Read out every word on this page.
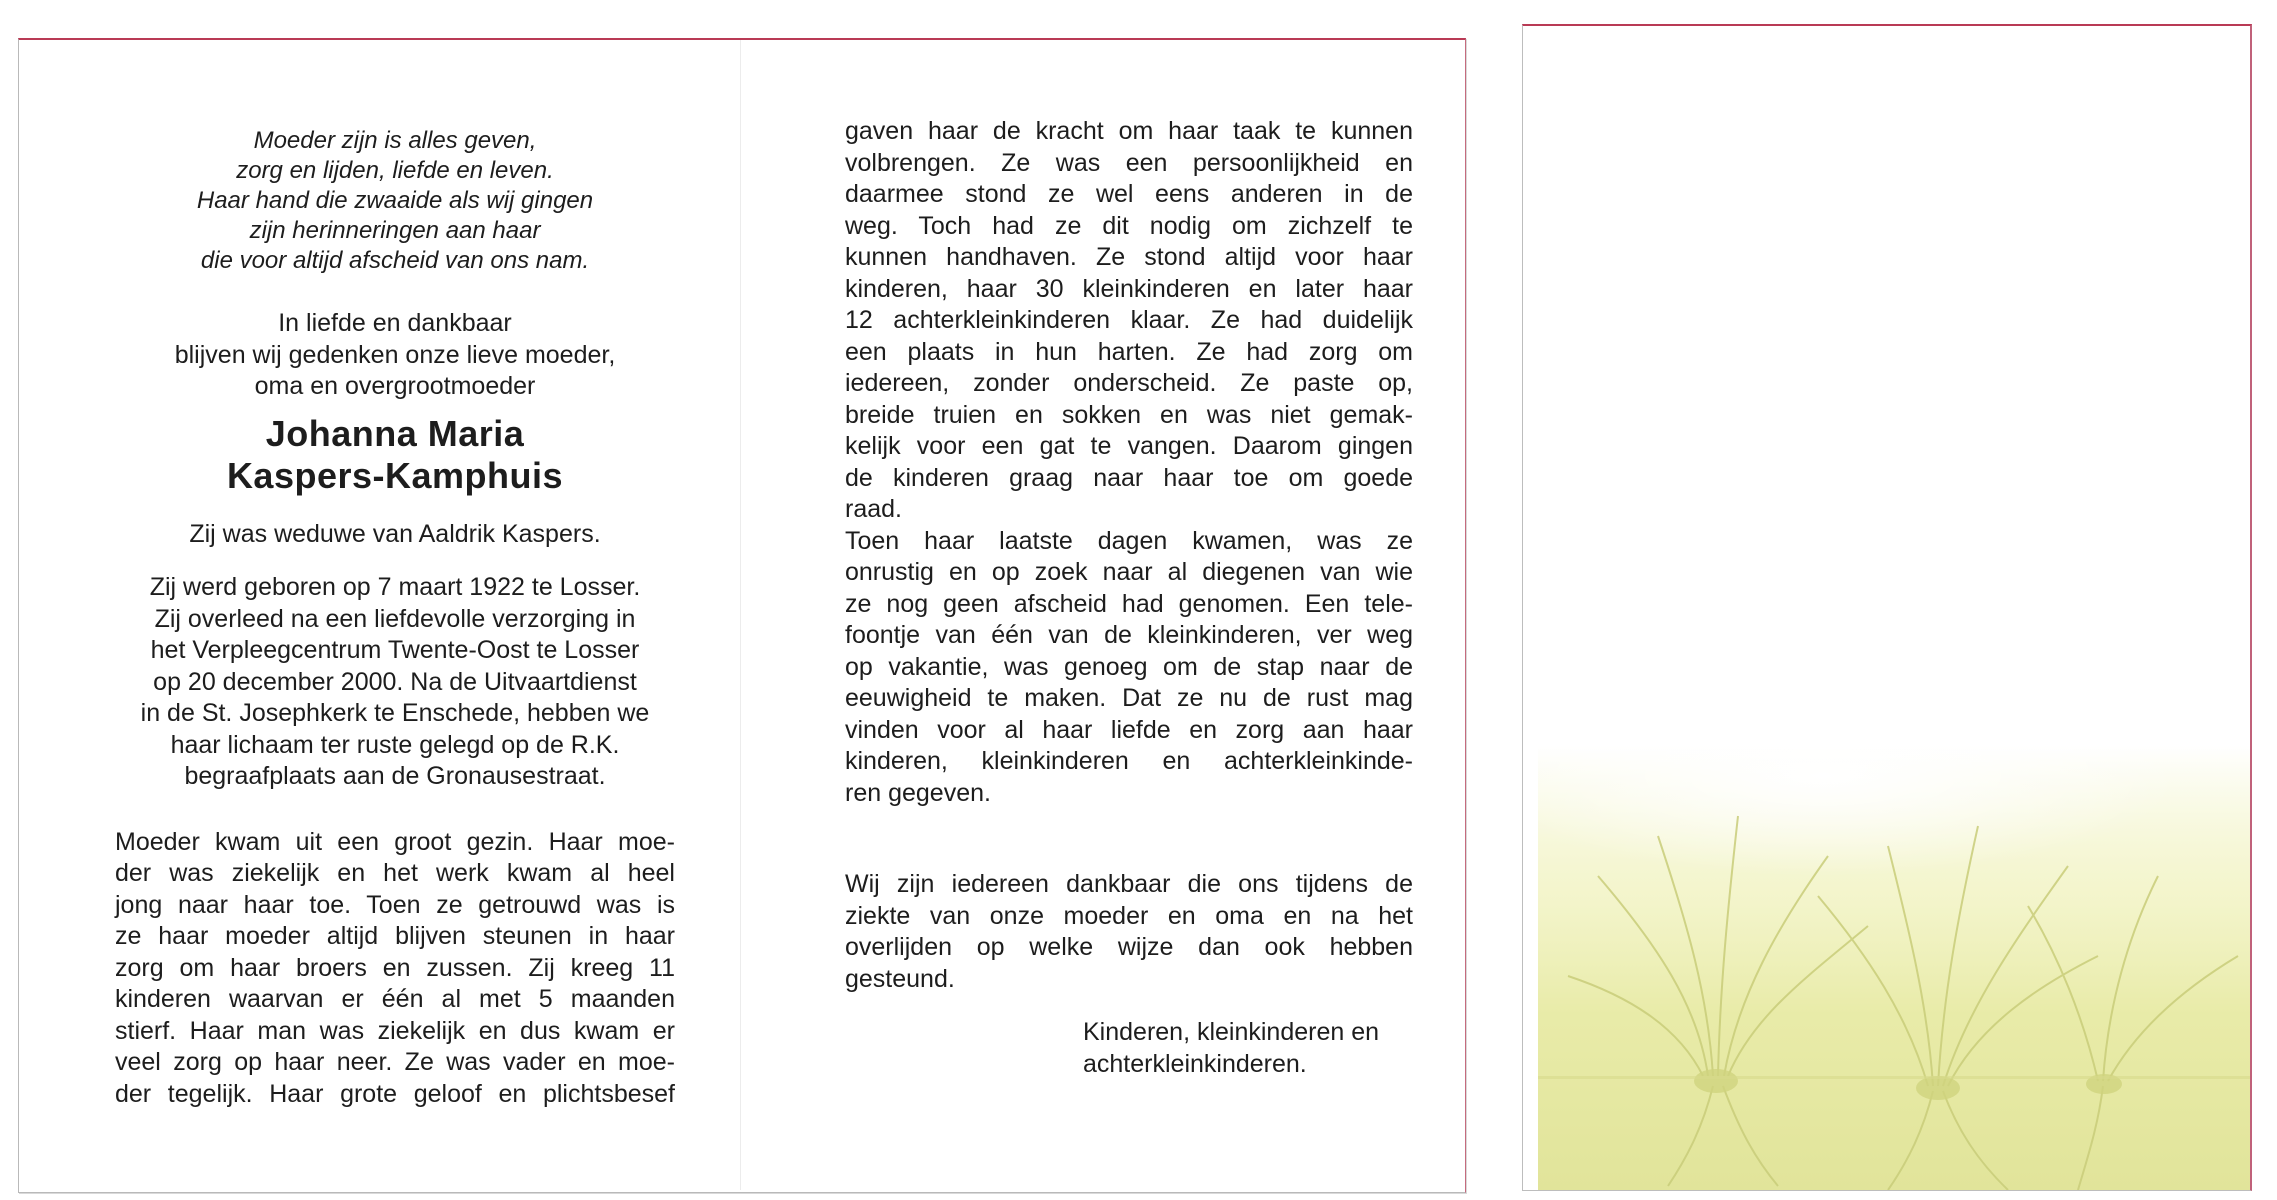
Moeder zijn is alles geven,
zorg en lijden, liefde en leven.
Haar hand die zwaaide als wij gingen
zijn herinneringen aan haar
die voor altijd afscheid van ons nam.
In liefde en dankbaar
blijven wij gedenken onze lieve moeder,
oma en overgrootmoeder
Johanna Maria
Kaspers-Kamphuis
Zij was weduwe van Aaldrik Kaspers.
Zij werd geboren op 7 maart 1922 te Losser.
Zij overleed na een liefdevolle verzorging in
het Verpleegcentrum Twente-Oost te Losser
op 20 december 2000. Na de Uitvaartdienst
in de St. Josephkerk te Enschede, hebben we
haar lichaam ter ruste gelegd op de R.K.
begraafplaats aan de Gronausestraat.
Moeder kwam uit een groot gezin. Haar moe-
der was ziekelijk en het werk kwam al heel
jong naar haar toe. Toen ze getrouwd was is
ze haar moeder altijd blijven steunen in haar
zorg om haar broers en zussen. Zij kreeg 11
kinderen waarvan er één al met 5 maanden
stierf. Haar man was ziekelijk en dus kwam er
veel zorg op haar neer. Ze was vader en moe-
der tegelijk. Haar grote geloof en plichtsbesef
gaven haar de kracht om haar taak te kunnen
volbrengen. Ze was een persoonlijkheid en
daarmee stond ze wel eens anderen in de
weg. Toch had ze dit nodig om zichzelf te
kunnen handhaven. Ze stond altijd voor haar
kinderen, haar 30 kleinkinderen en later haar
12 achterkleinkinderen klaar. Ze had duidelijk
een plaats in hun harten. Ze had zorg om
iedereen, zonder onderscheid. Ze paste op,
breide truien en sokken en was niet gemak-
kelijk voor een gat te vangen. Daarom gingen
de kinderen graag naar haar toe om goede
raad.
Toen haar laatste dagen kwamen, was ze
onrustig en op zoek naar al diegenen van wie
ze nog geen afscheid had genomen. Een tele-
foontje van één van de kleinkinderen, ver weg
op vakantie, was genoeg om de stap naar de
eeuwigheid te maken. Dat ze nu de rust mag
vinden voor al haar liefde en zorg aan haar
kinderen, kleinkinderen en achterkleinkinde-
ren gegeven.
Wij zijn iedereen dankbaar die ons tijdens de
ziekte van onze moeder en oma en na het
overlijden op welke wijze dan ook hebben
gesteund.
Kinderen, kleinkinderen en
achterkleinkinderen.
